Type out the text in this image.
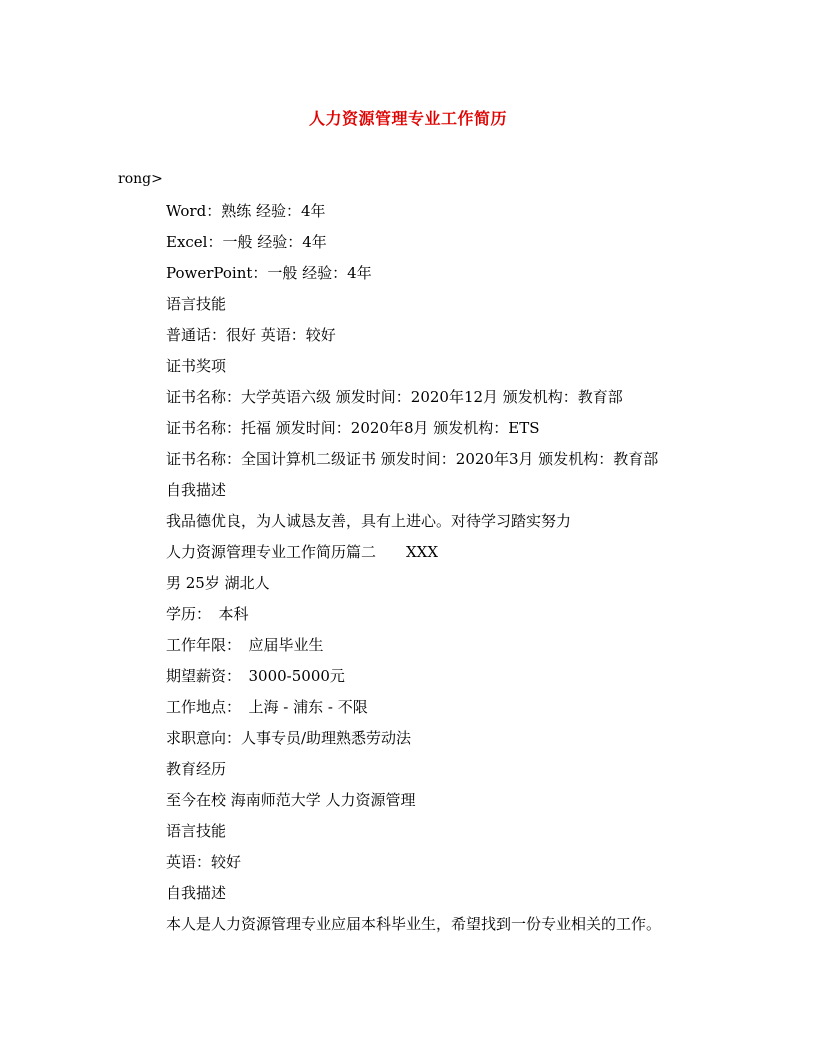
人力资源管理专业工作简历
rong>
Word：熟练 经验：4年
Excel：一般 经验：4年
PowerPoint：一般 经验：4年
语言技能
普通话：很好 英语：较好
证书奖项
证书名称：大学英语六级 颁发时间：2020年12月 颁发机构：教育部
证书名称：托福 颁发时间：2020年8月 颁发机构：ETS
证书名称：全国计算机二级证书 颁发时间：2020年3月 颁发机构：教育部
自我描述
我品德优良，为人诚恳友善，具有上进心。对待学习踏实努力
人力资源管理专业工作简历篇二　　XXX
男 25岁 湖北人
学历：　本科
工作年限：　应届毕业生
期望薪资：　3000-5000元
工作地点：　上海 - 浦东 - 不限
求职意向：人事专员/助理熟悉劳动法
教育经历
至今在校 海南师范大学 人力资源管理
语言技能
英语：较好
自我描述
本人是人力资源管理专业应届本科毕业生，希望找到一份专业相关的工作。
